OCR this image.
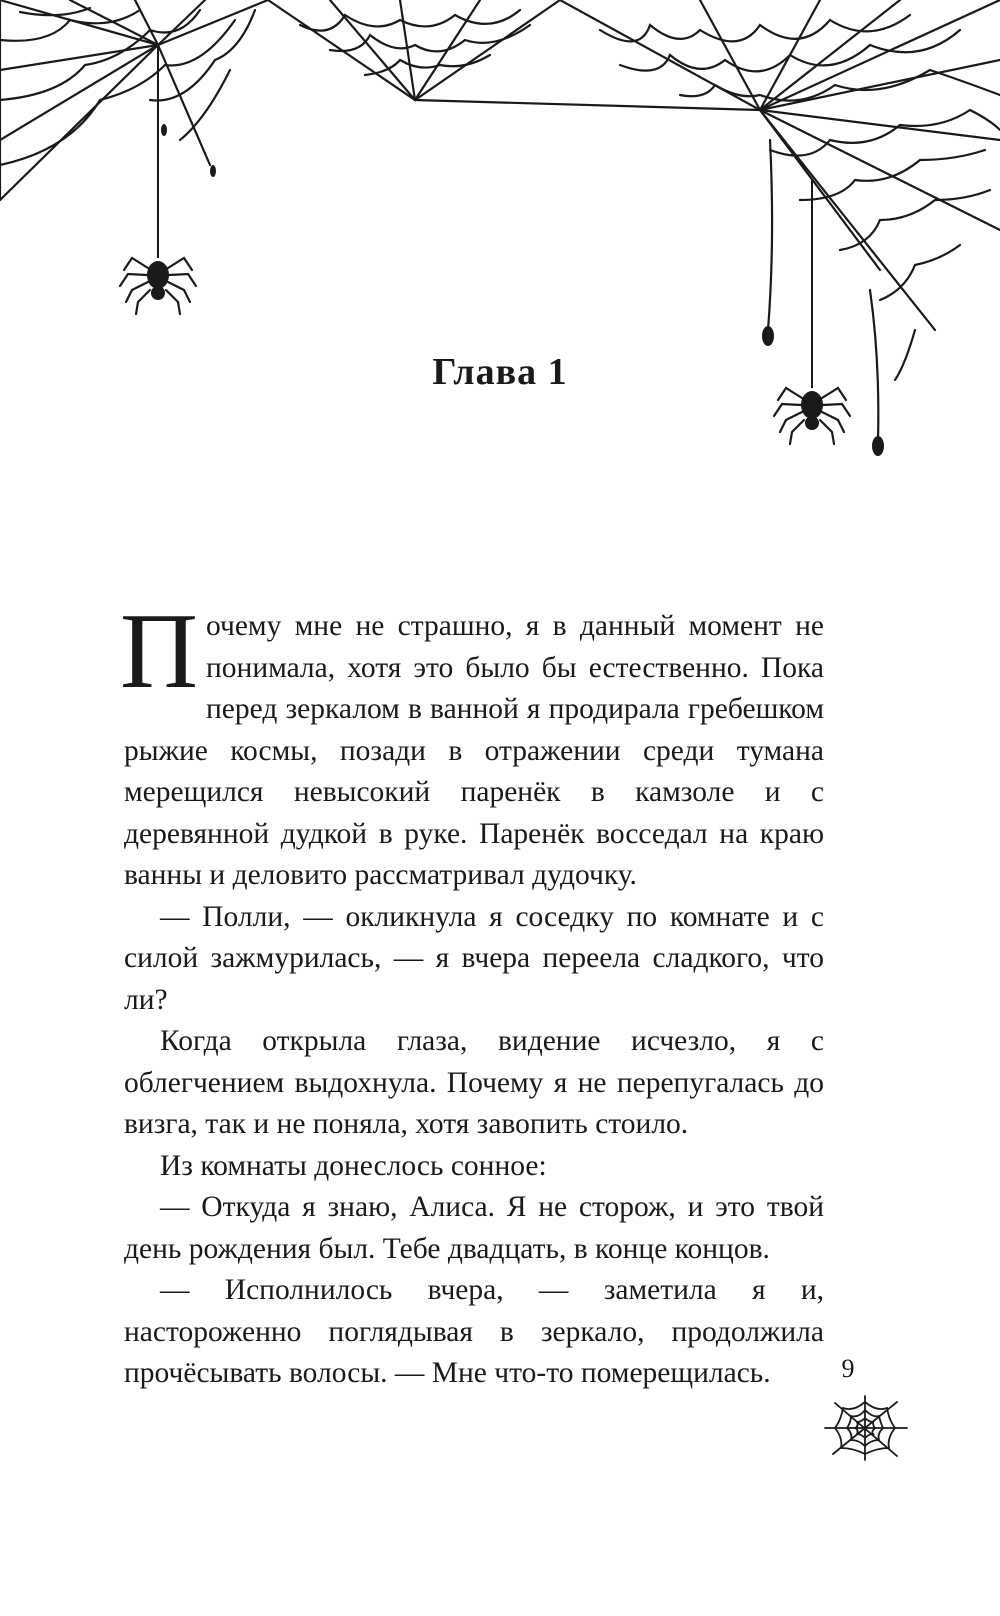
Глава 1

Почему мне не страшно, я в данный момент не понимала, хотя это было бы естественно. Пока перед зеркалом в ванной я продирала гребешком рыжие космы, позади в отражении среди тумана мерещился невысокий паренёк в камзоле и с деревянной дудкой в руке. Паренёк восседал на краю ванны и деловито рассматривал дудочку.

— Полли, — окликнула я соседку по комнате и с силой зажмурилась, — я вчера переела сладкого, что ли?

Когда открыла глаза, видение исчезло, я с облегчением выдохнула. Почему я не перепугалась до визга, так и не поняла, хотя завопить стоило.

Из комнаты донеслось сонное:

— Откуда я знаю, Алиса. Я не сторож, и это твой день рождения был. Тебе двадцать, в конце концов.

— Исполнилось вчера, — заметила я и, настороженно поглядывая в зеркало, продолжила прочёсывать волосы. — Мне что-то померещилась.	9
